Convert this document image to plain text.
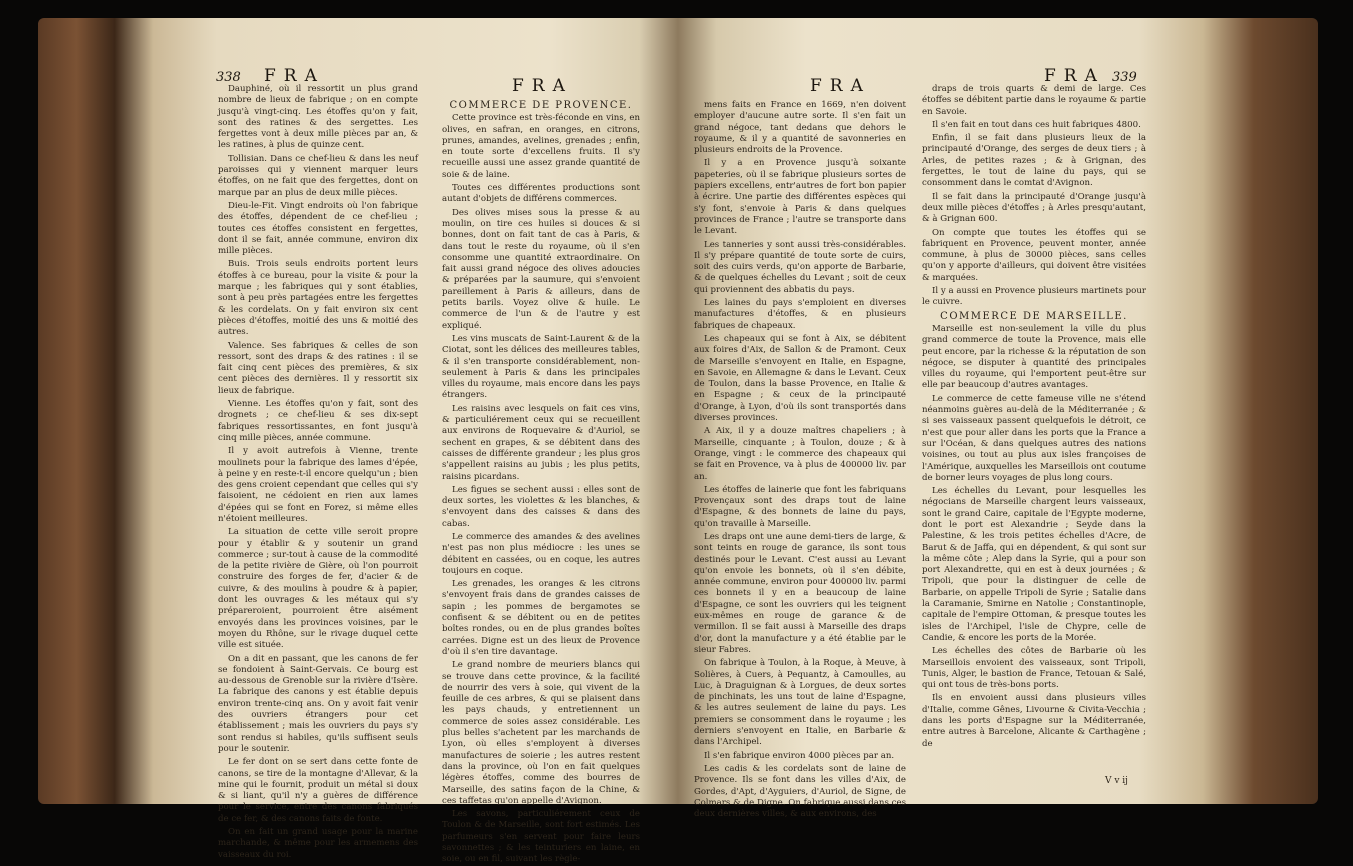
338 FRA	FRA

Dauphiné, où il ressortit un plus grand nombre de lieux de fabrique ; on en compte jusqu'à vingt-cinq. Les étoffes qu'on y fait, sont des ratines & des sergettes. Les fergettes vont à deux mille pièces par an, & les ratines, à plus de quinze cent.

Tollisian. Dans ce chef-lieu & dans les neuf paroisses qui y viennent marquer leurs étoffes, on ne fait que des fergettes, dont on marque par an plus de deux mille pièces.

Dieu-le-Fit. Vingt endroits où l'on fabrique des étoffes, dépendent de ce chef-lieu ; toutes ces étoffes consistent en fergettes, dont il se fait, année commune, environ dix mille pièces.

Buis. Trois seuls endroits portent leurs étoffes à ce bureau, pour la visite & pour la marque ; les fabriques qui y sont établies, sont à peu près partagées entre les fergettes & les cordelats. On y fait environ six cent pièces d'étoffes, moitié des uns & moitié des autres.

Valence. Ses fabriques & celles de son ressort, sont des draps & des ratines : il se fait cinq cent pièces des premières, & six cent pièces des dernières. Il y ressortit six lieux de fabrique.

Vienne. Les étoffes qu'on y fait, sont des drognets ; ce chef-lieu & ses dix-sept fabriques ressortissantes, en font jusqu'à cinq mille pièces, année commune.

Il y avoit autrefois à Vienne, trente moulinets pour la fabrique des lames d'épée, à peine y en reste-t-il encore quelqu'un ; bien des gens croient cependant que celles qui s'y faisoient, ne cédoient en rien aux lames d'épées qui se font en Forez, si même elles n'étoient meilleures.

La situation de cette ville seroit propre pour y établir & y soutenir un grand commerce ; sur-tout à cause de la commodité de la petite rivière de Gière, où l'on pourroit construire des forges de fer, d'acier & de cuivre, & des moulins à poudre & à papier, dont les ouvrages & les métaux qui s'y prépareroient, pourroient être aisément envoyés dans les provinces voisines, par le moyen du Rhône, sur le rivage duquel cette ville est située.

On a dit en passant, que les canons de fer se fondoient à Saint-Gervais. Ce bourg est au-dessous de Grenoble sur la rivière d'Isère. La fabrique des canons y est établie depuis environ trente-cinq ans. On y avoit fait venir des ouvriers étrangers pour cet établissement ; mais les ouvriers du pays s'y sont rendus si habiles, qu'ils suffisent seuls pour le soutenir.

Le fer dont on se sert dans cette fonte de canons, se tire de la montagne d'Allevar, & la mine qui le fournit, produit un métal si doux & si liant, qu'il n'y a guères de différence pour le service, entre des canons fabriqués de ce fer, & des canons faits de fonte.

On en fait un grand usage pour la marine marchande, & même pour les armemens des vaisseaux du roi.

COMMERCE DE PROVENCE.

Cette province est très-féconde en vins, en olives, en safran, en oranges, en citrons, prunes, amandes, avelines, grenades ; enfin, en toute sorte d'excellens fruits. Il s'y recueille aussi une assez grande quantité de soie & de laine.

Toutes ces différentes productions sont autant d'objets de différens commerces.

Des olives mises sous la presse & au moulin, on tire ces huiles si douces & si bonnes, dont on fait tant de cas à Paris, & dans tout le reste du royaume, où il s'en consomme une quantité extraordinaire. On fait aussi grand négoce des olives adoucies & préparées par la saumure, qui s'envoient pareillement à Paris & ailleurs, dans de petits barils. Voyez olive & huile. Le commerce de l'un & de l'autre y est expliqué.

Les vins muscats de Saint-Laurent & de la Ciotat, sont les délices des meilleures tables, & il s'en transporte considérablement, non-seulement à Paris & dans les principales villes du royaume, mais encore dans les pays étrangers.

Les raisins avec lesquels on fait ces vins, & particuliérement ceux qui se recueillent aux environs de Roquevaire & d'Auriol, se sechent en grapes, & se débitent dans des caisses de différente grandeur ; les plus gros s'appellent raisins au jubis ; les plus petits, raisins picardans.

Les figues se sechent aussi : elles sont de deux sortes, les violettes & les blanches, & s'envoyent dans des caisses & dans des cabas.

Le commerce des amandes & des avelines n'est pas non plus médiocre : les unes se débitent en cassées, ou en coque, les autres toujours en coque.

Les grenades, les oranges & les citrons s'envoyent frais dans de grandes caisses de sapin ; les pommes de bergamotes se confisent & se débitent ou en de petites boîtes rondes, ou en de plus grandes boîtes carrées. Digne est un des lieux de Provence d'où il s'en tire davantage.

Le grand nombre de meuriers blancs qui se trouve dans cette province, & la facilité de nourrir des vers à soie, qui vivent de la feuille de ces arbres, & qui se plaisent dans les pays chauds, y entretiennent un commerce de soies assez considérable. Les plus belles s'achetent par les marchands de Lyon, où elles s'employent à diverses manufactures de soierie ; les autres restent dans la province, où l'on en fait quelques légères étoffes, comme des bourres de Marseille, des satins façon de la Chine, & ces taffetas qu'on appelle d'Avignon.

Les savons, particuliérement ceux de Toulon & de Marseille, sont fort estimés. Les parfumeurs s'en servent pour faire leurs savonnettes ; & les teinturiers en laine, en soie, ou en fil, suivant les règle-

FRA	FRA 339

mens faits en France en 1669, n'en doivent employer d'aucune autre sorte. Il s'en fait un grand négoce, tant dedans que dehors le royaume, & il y a quantité de savonneries en plusieurs endroits de la Provence.

Il y a en Provence jusqu'à soixante papeteries, où il se fabrique plusieurs sortes de papiers excellens, entr'autres de fort bon papier à écrire. Une partie des différentes espèces qui s'y font, s'envoie à Paris & dans quelques provinces de France ; l'autre se transporte dans le Levant.

Les tanneries y sont aussi très-considérables. Il s'y prépare quantité de toute sorte de cuirs, soit des cuirs verds, qu'on apporte de Barbarie, & de quelques échelles du Levant ; soit de ceux qui proviennent des abbatis du pays.

Les laines du pays s'emploient en diverses manufactures d'étoffes, & en plusieurs fabriques de chapeaux.

Les chapeaux qui se font à Aix, se débitent aux foires d'Aix, de Sallon & de Pramont. Ceux de Marseille s'envoyent en Italie, en Espagne, en Savoie, en Allemagne & dans le Levant. Ceux de Toulon, dans la basse Provence, en Italie & en Espagne ; & ceux de la principauté d'Orange, à Lyon, d'où ils sont transportés dans diverses provinces.

A Aix, il y a douze maîtres chapeliers ; à Marseille, cinquante ; à Toulon, douze ; & à Orange, vingt : le commerce des chapeaux qui se fait en Provence, va à plus de 400000 liv. par an.

Les étoffes de lainerie que font les fabriquans Provençaux sont des draps tout de laine d'Espagne, & des bonnets de laine du pays, qu'on travaille à Marseille.

Les draps ont une aune demi-tiers de large, & sont teints en rouge de garance, ils sont tous destinés pour le Levant. C'est aussi au Levant qu'on envoie les bonnets, où il s'en débite, année commune, environ pour 400000 liv. parmi ces bonnets il y en a beaucoup de laine d'Espagne, ce sont les ouvriers qui les teignent eux-mêmes en rouge de garance & de vermillon. Il se fait aussi à Marseille des draps d'or, dont la manufacture y a été établie par le sieur Fabres.

On fabrique à Toulon, à la Roque, à Meuve, à Solières, à Cuers, à Pequantz, à Camoulles, au Luc, à Draguignan & à Lorgues, de deux sortes de pinchinats, les uns tout de laine d'Espagne, & les autres seulement de laine du pays. Les premiers se consomment dans le royaume ; les derniers s'envoyent en Italie, en Barbarie & dans l'Archipel.

Il s'en fabrique environ 4000 pièces par an.

Les cadis & les cordelats sont de laine de Provence. Ils se font dans les villes d'Aix, de Gordes, d'Apt, d'Ayguiers, d'Auriol, de Signe, de Colmars & de Digne. On fabrique aussi dans ces deux dernières villes, & aux environs, des

draps de trois quarts & demi de large. Ces étoffes se débitent partie dans le royaume & partie en Savoie.

Il s'en fait en tout dans ces huit fabriques 4800.

Enfin, il se fait dans plusieurs lieux de la principauté d'Orange, des serges de deux tiers ; à Arles, de petites razes ; & à Grignan, des fergettes, le tout de laine du pays, qui se consomment dans le comtat d'Avignon.

Il se fait dans la principauté d'Orange jusqu'à deux mille pièces d'étoffes ; à Arles presqu'autant, & à Grignan 600.

On compte que toutes les étoffes qui se fabriquent en Provence, peuvent monter, année commune, à plus de 30000 pièces, sans celles qu'on y apporte d'ailleurs, qui doivent être visitées & marquées.

Il y a aussi en Provence plusieurs martinets pour le cuivre.

COMMERCE DE MARSEILLE.

Marseille est non-seulement la ville du plus grand commerce de toute la Provence, mais elle peut encore, par la richesse & la réputation de son négoce, se disputer à quantité des principales villes du royaume, qui l'emportent peut-être sur elle par beaucoup d'autres avantages.

Le commerce de cette fameuse ville ne s'étend néanmoins guères au-delà de la Méditerranée ; & si ses vaisseaux passent quelquefois le détroit, ce n'est que pour aller dans les ports que la France a sur l'Océan, & dans quelques autres des nations voisines, ou tout au plus aux isles françoises de l'Amérique, auxquelles les Marseillois ont coutume de borner leurs voyages de plus long cours.

Les échelles du Levant, pour lesquelles les négocians de Marseille chargent leurs vaisseaux, sont le grand Caire, capitale de l'Egypte moderne, dont le port est Alexandrie ; Seyde dans la Palestine, & les trois petites échelles d'Acre, de Barut & de Jaffa, qui en dépendent, & qui sont sur la même côte ; Alep dans la Syrie, qui a pour son port Alexandrette, qui en est à deux journées ; & Tripoli, que pour la distinguer de celle de Barbarie, on appelle Tripoli de Syrie ; Satalie dans la Caramanie, Smirne en Natolie ; Constantinople, capitale de l'empire Ottoman, & presque toutes les isles de l'Archipel, l'isle de Chypre, celle de Candie, & encore les ports de la Morée.

Les échelles des côtes de Barbarie où les Marseillois envoient des vaisseaux, sont Tripoli, Tunis, Alger, le bastion de France, Tetouan & Salé, qui ont tous de très-bons ports.

Ils en envoient aussi dans plusieurs villes d'Italie, comme Gênes, Livourne & Civita-Vecchia ; dans les ports d'Espagne sur la Méditerranée, entre autres à Barcelone, Alicante & Carthagène ; de

V v ij
